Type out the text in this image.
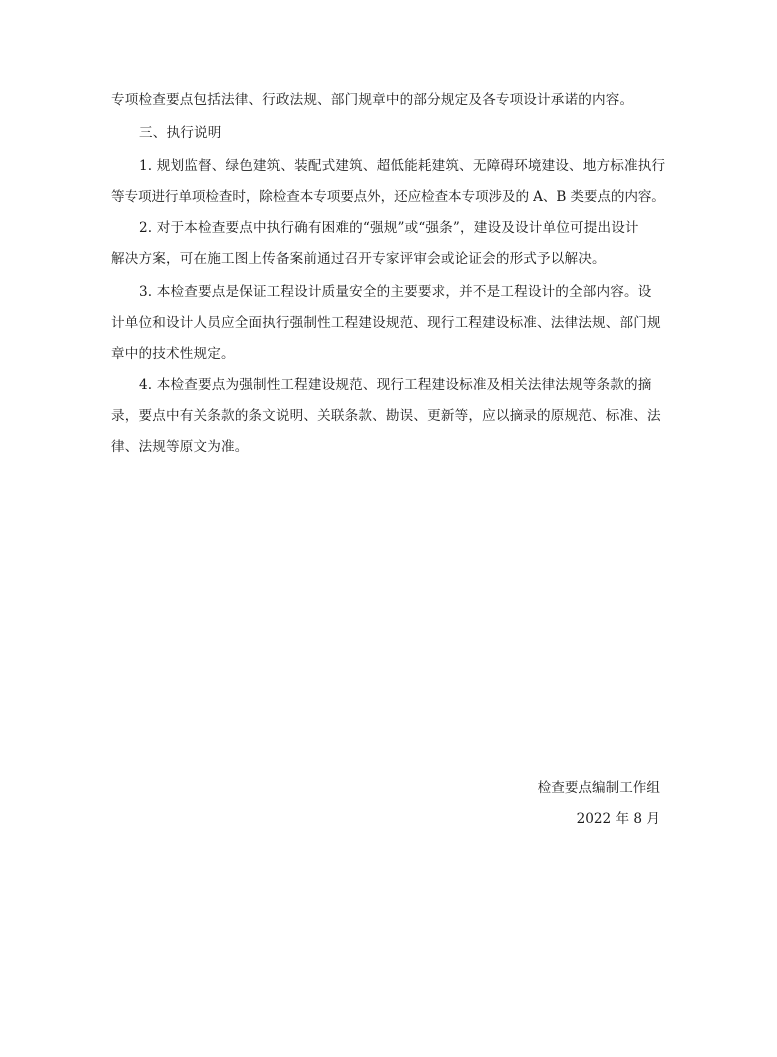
专项检查要点包括法律、行政法规、部门规章中的部分规定及各专项设计承诺的内容。
三、执行说明
1. 规划监督、绿色建筑、装配式建筑、超低能耗建筑、无障碍环境建设、地方标准执行
等专项进行单项检查时，除检查本专项要点外，还应检查本专项涉及的 A、B 类要点的内容。
2. 对于本检查要点中执行确有困难的“强规”或“强条”，建设及设计单位可提出设计
解决方案，可在施工图上传备案前通过召开专家评审会或论证会的形式予以解决。
3. 本检查要点是保证工程设计质量安全的主要要求，并不是工程设计的全部内容。设
计单位和设计人员应全面执行强制性工程建设规范、现行工程建设标准、法律法规、部门规
章中的技术性规定。
4. 本检查要点为强制性工程建设规范、现行工程建设标准及相关法律法规等条款的摘
录，要点中有关条款的条文说明、关联条款、勘误、更新等，应以摘录的原规范、标准、法
律、法规等原文为准。
检查要点编制工作组
2022 年 8 月
